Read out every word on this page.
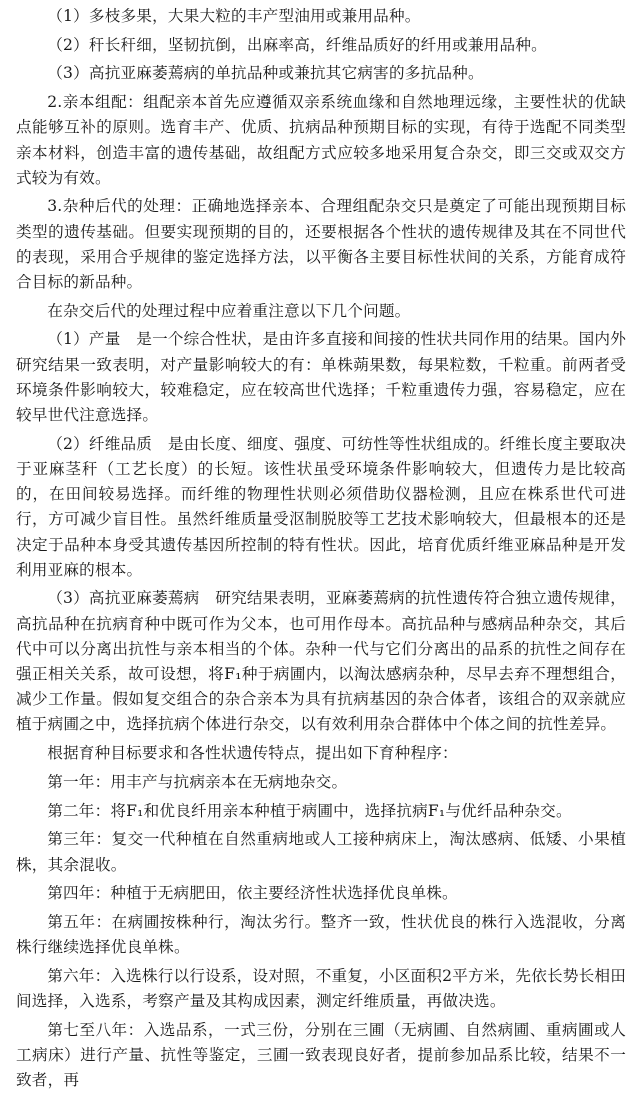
（1）多枝多果，大果大粒的丰产型油用或兼用品种。

（2）秆长秆细，坚韧抗倒，出麻率高，纤维品质好的纤用或兼用品种。

（3）高抗亚麻萎蔫病的单抗品种或兼抗其它病害的多抗品种。

2.亲本组配：组配亲本首先应遵循双亲系统血缘和自然地理远缘，主要性状的优缺点能够互补的原则。选育丰产、优质、抗病品种预期目标的实现，有待于选配不同类型亲本材料，创造丰富的遗传基础，故组配方式应较多地采用复合杂交，即三交或双交方式较为有效。

3.杂种后代的处理：正确地选择亲本、合理组配杂交只是奠定了可能出现预期目标类型的遗传基础。但要实现预期的目的，还要根据各个性状的遗传规律及其在不同世代的表现，采用合乎规律的鉴定选择方法，以平衡各主要目标性状间的关系，方能育成符合目标的新品种。

在杂交后代的处理过程中应着重注意以下几个问题。

（1）产量　是一个综合性状，是由许多直接和间接的性状共同作用的结果。国内外研究结果一致表明，对产量影响较大的有：单株蒴果数，每果粒数，千粒重。前两者受环境条件影响较大，较难稳定，应在较高世代选择；千粒重遗传力强，容易稳定，应在较早世代注意选择。

（2）纤维品质　是由长度、细度、强度、可纺性等性状组成的。纤维长度主要取决于亚麻茎秆（工艺长度）的长短。该性状虽受环境条件影响较大，但遗传力是比较高的，在田间较易选择。而纤维的物理性状则必须借助仪器检测，且应在株系世代可进行，方可减少盲目性。虽然纤维质量受沤制脱胶等工艺技术影响较大，但最根本的还是决定于品种本身受其遗传基因所控制的特有性状。因此，培育优质纤维亚麻品种是开发利用亚麻的根本。

（3）高抗亚麻萎蔫病　研究结果表明，亚麻萎蔫病的抗性遗传符合独立遗传规律，高抗品种在抗病育种中既可作为父本，也可用作母本。高抗品种与感病品种杂交，其后代中可以分离出抗性与亲本相当的个体。杂种一代与它们分离出的品系的抗性之间存在强正相关关系，故可设想，将F₁种于病圃内，以淘汰感病杂种，尽早去弃不理想组合，减少工作量。假如复交组合的杂合亲本为具有抗病基因的杂合体者，该组合的双亲就应植于病圃之中，选择抗病个体进行杂交，以有效利用杂合群体中个体之间的抗性差异。

根据育种目标要求和各性状遗传特点，提出如下育种程序：

第一年：用丰产与抗病亲本在无病地杂交。

第二年：将F₁和优良纤用亲本种植于病圃中，选择抗病F₁与优纤品种杂交。

第三年：复交一代种植在自然重病地或人工接种病床上，淘汰感病、低矮、小果植株，其余混收。

第四年：种植于无病肥田，依主要经济性状选择优良单株。

第五年：在病圃按株种行，淘汰劣行。整齐一致，性状优良的株行入选混收，分离株行继续选择优良单株。

第六年：入选株行以行设系，设对照，不重复，小区面积2平方米，先依长势长相田间选择，入选系，考察产量及其构成因素，测定纤维质量，再做决选。

第七至八年：入选品系，一式三份，分别在三圃（无病圃、自然病圃、重病圃或人工病床）进行产量、抗性等鉴定，三圃一致表现良好者，提前参加品系比较，结果不一致者，再
